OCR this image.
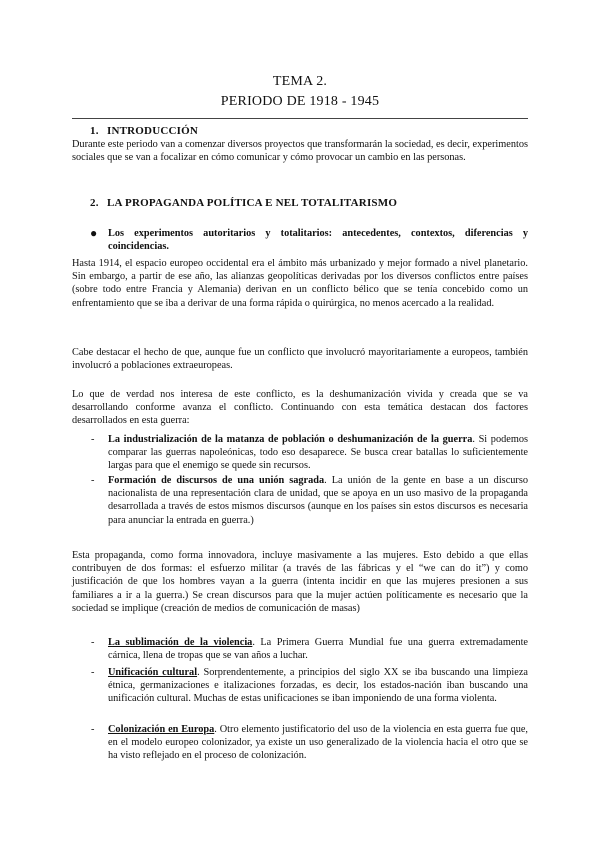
TEMA 2.
PERIODO DE 1918 - 1945
1. INTRODUCCIÓN
Durante este periodo van a comenzar diversos proyectos que transformarán la sociedad, es decir, experimentos sociales que se van a focalizar en cómo comunicar y cómo provocar un cambio en las personas.
2. LA PROPAGANDA POLÍTICA E NEL TOTALITARISMO
● Los experimentos autoritarios y totalitarios: antecedentes, contextos, diferencias y coincidencias.
Hasta 1914, el espacio europeo occidental era el ámbito más urbanizado y mejor formado a nivel planetario. Sin embargo, a partir de ese año, las alianzas geopolíticas derivadas por los diversos conflictos entre países (sobre todo entre Francia y Alemania) derivan en un conflicto bélico que se tenía concebido como un enfrentamiento que se iba a derivar de una forma rápida o quirúrgica, no menos acercado a la realidad.
Cabe destacar el hecho de que, aunque fue un conflicto que involucró mayoritariamente a europeos, también involucró a poblaciones extraeuropeas.
Lo que de verdad nos interesa de este conflicto, es la deshumanización vivida y creada que se va desarrollando conforme avanza el conflicto. Continuando con esta temática destacan dos factores desarrollados en esta guerra:
- La industrialización de la matanza de población o deshumanización de la guerra. Si podemos comparar las guerras napoleónicas, todo eso desaparece. Se busca crear batallas lo suficientemente largas para que el enemigo se quede sin recursos.
- Formación de discursos de una unión sagrada. La unión de la gente en base a un discurso nacionalista de una representación clara de unidad, que se apoya en un uso masivo de la propaganda desarrollada a través de estos mismos discursos (aunque en los países sin estos discursos es necesaria para anunciar la entrada en guerra.)
Esta propaganda, como forma innovadora, incluye masivamente a las mujeres. Esto debido a que ellas contribuyen de dos formas: el esfuerzo militar (a través de las fábricas y el “we can do it”) y como justificación de que los hombres vayan a la guerra (intenta incidir en que las mujeres presionen a sus familiares a ir a la guerra.) Se crean discursos para que la mujer actúen políticamente es necesario que la sociedad se implique (creación de medios de comunicación de masas)
- La sublimación de la violencia. La Primera Guerra Mundial fue una guerra extremadamente cárnica, llena de tropas que se van años a luchar.
- Unificación cultural. Sorprendentemente, a principios del siglo XX se iba buscando una limpieza étnica, germanizaciones e italizaciones forzadas, es decir, los estados-nación iban buscando una unificación cultural. Muchas de estas unificaciones se iban imponiendo de una forma violenta.
- Colonización en Europa. Otro elemento justificatorio del uso de la violencia en esta guerra fue que, en el modelo europeo colonizador, ya existe un uso generalizado de la violencia hacia el otro que se ha visto reflejado en el proceso de colonización.
